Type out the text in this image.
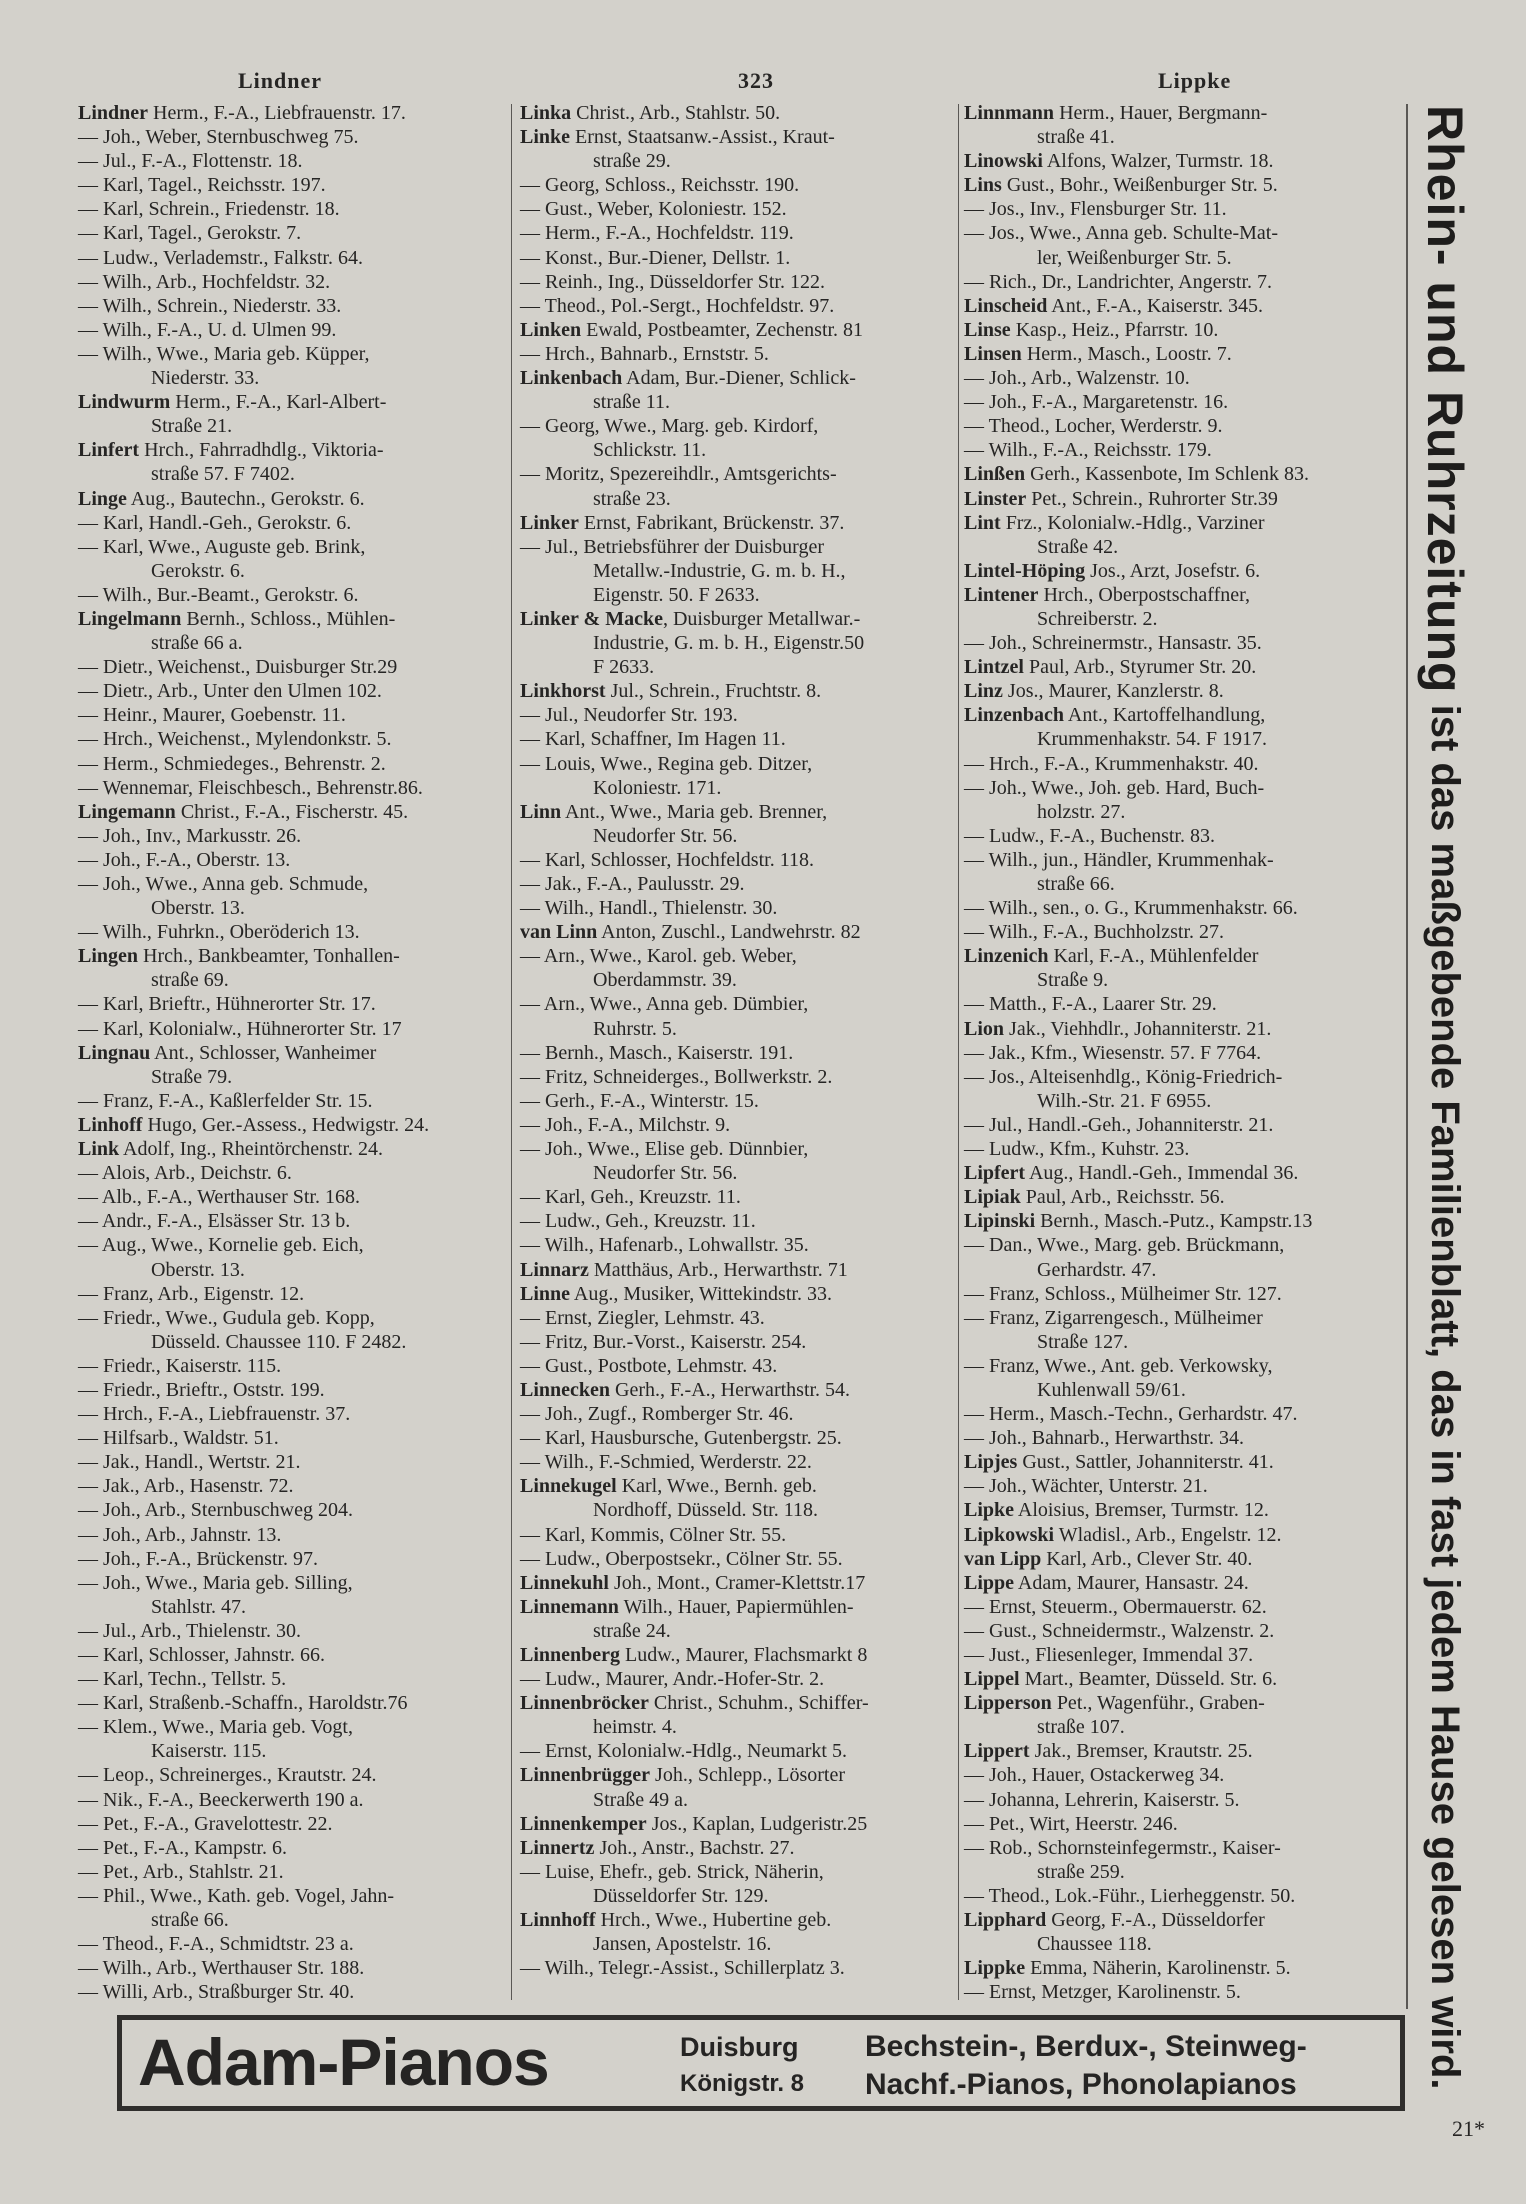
Lindner	323	Lippke
Lindner Herm., F.-A., Liebfrauenstr. 17.
— Joh., Weber, Sternbuschweg 75.
— Jul., F.-A., Flottenstr. 18.
— Karl, Tagel., Reichsstr. 197.
— Karl, Schrein., Friedenstr. 18.
— Karl, Tagel., Gerokstr. 7.
— Ludw., Verlademstr., Falkstr. 64.
— Wilh., Arb., Hochfeldstr. 32.
— Wilh., Schrein., Niederstr. 33.
— Wilh., F.-A., U. d. Ulmen 99.
— Wilh., Wwe., Maria geb. Küpper,
Niederstr. 33.
Lindwurm Herm., F.-A., Karl-Albert-
Straße 21.
Linfert Hrch., Fahrradhdlg., Viktoria-
straße 57. F 7402.
Linge Aug., Bautechn., Gerokstr. 6.
— Karl, Handl.-Geh., Gerokstr. 6.
— Karl, Wwe., Auguste geb. Brink,
Gerokstr. 6.
— Wilh., Bur.-Beamt., Gerokstr. 6.
Lingelmann Bernh., Schloss., Mühlen-
straße 66 a.
— Dietr., Weichenst., Duisburger Str.29
— Dietr., Arb., Unter den Ulmen 102.
— Heinr., Maurer, Goebenstr. 11.
— Hrch., Weichenst., Mylendonkstr. 5.
— Herm., Schmiedeges., Behrenstr. 2.
— Wennemar, Fleischbesch., Behrenstr.86.
Lingemann Christ., F.-A., Fischerstr. 45.
— Joh., Inv., Markusstr. 26.
— Joh., F.-A., Oberstr. 13.
— Joh., Wwe., Anna geb. Schmude,
Oberstr. 13.
— Wilh., Fuhrkn., Oberöderich 13.
Lingen Hrch., Bankbeamter, Tonhallen-
straße 69.
— Karl, Brieftr., Hühnerorter Str. 17.
— Karl, Kolonialw., Hühnerorter Str. 17
Lingnau Ant., Schlosser, Wanheimer
Straße 79.
— Franz, F.-A., Kaßlerfelder Str. 15.
Linhoff Hugo, Ger.-Assess., Hedwigstr. 24.
Link Adolf, Ing., Rheintörchenstr. 24.
— Alois, Arb., Deichstr. 6.
— Alb., F.-A., Werthauser Str. 168.
— Andr., F.-A., Elsässer Str. 13 b.
— Aug., Wwe., Kornelie geb. Eich,
Oberstr. 13.
— Franz, Arb., Eigenstr. 12.
— Friedr., Wwe., Gudula geb. Kopp,
Düsseld. Chaussee 110. F 2482.
— Friedr., Kaiserstr. 115.
— Friedr., Brieftr., Oststr. 199.
— Hrch., F.-A., Liebfrauenstr. 37.
— Hilfsarb., Waldstr. 51.
— Jak., Handl., Wertstr. 21.
— Jak., Arb., Hasenstr. 72.
— Joh., Arb., Sternbuschweg 204.
— Joh., Arb., Jahnstr. 13.
— Joh., F.-A., Brückenstr. 97.
— Joh., Wwe., Maria geb. Silling,
Stahlstr. 47.
— Jul., Arb., Thielenstr. 30.
— Karl, Schlosser, Jahnstr. 66.
— Karl, Techn., Tellstr. 5.
— Karl, Straßenb.-Schaffn., Haroldstr.76
— Klem., Wwe., Maria geb. Vogt,
Kaiserstr. 115.
— Leop., Schreinerges., Krautstr. 24.
— Nik., F.-A., Beeckerwerth 190 a.
— Pet., F.-A., Gravelottestr. 22.
— Pet., F.-A., Kampstr. 6.
— Pet., Arb., Stahlstr. 21.
— Phil., Wwe., Kath. geb. Vogel, Jahn-
straße 66.
— Theod., F.-A., Schmidtstr. 23 a.
— Wilh., Arb., Werthauser Str. 188.
— Willi, Arb., Straßburger Str. 40.
Linka Christ., Arb., Stahlstr. 50.
Linke Ernst, Staatsanw.-Assist., Kraut-
straße 29.
— Georg, Schloss., Reichsstr. 190.
— Gust., Weber, Koloniestr. 152.
— Herm., F.-A., Hochfeldstr. 119.
— Konst., Bur.-Diener, Dellstr. 1.
— Reinh., Ing., Düsseldorfer Str. 122.
— Theod., Pol.-Sergt., Hochfeldstr. 97.
Linken Ewald, Postbeamter, Zechenstr. 81
— Hrch., Bahnarb., Ernststr. 5.
Linkenbach Adam, Bur.-Diener, Schlick-
straße 11.
— Georg, Wwe., Marg. geb. Kirdorf,
Schlickstr. 11.
— Moritz, Spezereihdlr., Amtsgerichts-
straße 23.
Linker Ernst, Fabrikant, Brückenstr. 37.
— Jul., Betriebsführer der Duisburger
Metallw.-Industrie, G. m. b. H.,
Eigenstr. 50. F 2633.
Linker & Macke, Duisburger Metallwar.-
Industrie, G. m. b. H., Eigenstr.50
F 2633.
Linkhorst Jul., Schrein., Fruchtstr. 8.
— Jul., Neudorfer Str. 193.
— Karl, Schaffner, Im Hagen 11.
— Louis, Wwe., Regina geb. Ditzer,
Koloniestr. 171.
Linn Ant., Wwe., Maria geb. Brenner,
Neudorfer Str. 56.
— Karl, Schlosser, Hochfeldstr. 118.
— Jak., F.-A., Paulusstr. 29.
— Wilh., Handl., Thielenstr. 30.
van Linn Anton, Zuschl., Landwehrstr. 82
— Arn., Wwe., Karol. geb. Weber,
Oberdammstr. 39.
— Arn., Wwe., Anna geb. Dümbier,
Ruhrstr. 5.
— Bernh., Masch., Kaiserstr. 191.
— Fritz, Schneiderges., Bollwerkstr. 2.
— Gerh., F.-A., Winterstr. 15.
— Joh., F.-A., Milchstr. 9.
— Joh., Wwe., Elise geb. Dünnbier,
Neudorfer Str. 56.
— Karl, Geh., Kreuzstr. 11.
— Ludw., Geh., Kreuzstr. 11.
— Wilh., Hafenarb., Lohwallstr. 35.
Linnarz Matthäus, Arb., Herwarthstr. 71
Linne Aug., Musiker, Wittekindstr. 33.
— Ernst, Ziegler, Lehmstr. 43.
— Fritz, Bur.-Vorst., Kaiserstr. 254.
— Gust., Postbote, Lehmstr. 43.
Linnecken Gerh., F.-A., Herwarthstr. 54.
— Joh., Zugf., Romberger Str. 46.
— Karl, Hausbursche, Gutenbergstr. 25.
— Wilh., F.-Schmied, Werderstr. 22.
Linnekugel Karl, Wwe., Bernh. geb.
Nordhoff, Düsseld. Str. 118.
— Karl, Kommis, Cölner Str. 55.
— Ludw., Oberpostsekr., Cölner Str. 55.
Linnekuhl Joh., Mont., Cramer-Klettstr.17
Linnemann Wilh., Hauer, Papiermühlen-
straße 24.
Linnenberg Ludw., Maurer, Flachsmarkt 8
— Ludw., Maurer, Andr.-Hofer-Str. 2.
Linnenbröcker Christ., Schuhm., Schiffer-
heimstr. 4.
— Ernst, Kolonialw.-Hdlg., Neumarkt 5.
Linnenbrügger Joh., Schlepp., Lösorter
Straße 49 a.
Linnenkemper Jos., Kaplan, Ludgeristr.25
Linnertz Joh., Anstr., Bachstr. 27.
— Luise, Ehefr., geb. Strick, Näherin,
Düsseldorfer Str. 129.
Linnhoff Hrch., Wwe., Hubertine geb.
Jansen, Apostelstr. 16.
— Wilh., Telegr.-Assist., Schillerplatz 3.
Linnmann Herm., Hauer, Bergmann-
straße 41.
Linowski Alfons, Walzer, Turmstr. 18.
Lins Gust., Bohr., Weißenburger Str. 5.
— Jos., Inv., Flensburger Str. 11.
— Jos., Wwe., Anna geb. Schulte-Mat-
ler, Weißenburger Str. 5.
— Rich., Dr., Landrichter, Angerstr. 7.
Linscheid Ant., F.-A., Kaiserstr. 345.
Linse Kasp., Heiz., Pfarrstr. 10.
Linsen Herm., Masch., Loostr. 7.
— Joh., Arb., Walzenstr. 10.
— Joh., F.-A., Margaretenstr. 16.
— Theod., Locher, Werderstr. 9.
— Wilh., F.-A., Reichsstr. 179.
Linßen Gerh., Kassenbote, Im Schlenk 83.
Linster Pet., Schrein., Ruhrorter Str.39
Lint Frz., Kolonialw.-Hdlg., Varziner
Straße 42.
Lintel-Höping Jos., Arzt, Josefstr. 6.
Lintener Hrch., Oberpostschaffner,
Schreiberstr. 2.
— Joh., Schreinermstr., Hansastr. 35.
Lintzel Paul, Arb., Styrumer Str. 20.
Linz Jos., Maurer, Kanzlerstr. 8.
Linzenbach Ant., Kartoffelhandlung,
Krummenhakstr. 54. F 1917.
— Hrch., F.-A., Krummenhakstr. 40.
— Joh., Wwe., Joh. geb. Hard, Buch-
holzstr. 27.
— Ludw., F.-A., Buchenstr. 83.
— Wilh., jun., Händler, Krummenhak-
straße 66.
— Wilh., sen., o. G., Krummenhakstr. 66.
— Wilh., F.-A., Buchholzstr. 27.
Linzenich Karl, F.-A., Mühlenfelder
Straße 9.
— Matth., F.-A., Laarer Str. 29.
Lion Jak., Viehhdlr., Johanniterstr. 21.
— Jak., Kfm., Wiesenstr. 57. F 7764.
— Jos., Alteisenhdlg., König-Friedrich-
Wilh.-Str. 21. F 6955.
— Jul., Handl.-Geh., Johanniterstr. 21.
— Ludw., Kfm., Kuhstr. 23.
Lipfert Aug., Handl.-Geh., Immendal 36.
Lipiak Paul, Arb., Reichsstr. 56.
Lipinski Bernh., Masch.-Putz., Kampstr.13
— Dan., Wwe., Marg. geb. Brückmann,
Gerhardstr. 47.
— Franz, Schloss., Mülheimer Str. 127.
— Franz, Zigarrengesch., Mülheimer
Straße 127.
— Franz, Wwe., Ant. geb. Verkowsky,
Kuhlenwall 59/61.
— Herm., Masch.-Techn., Gerhardstr. 47.
— Joh., Bahnarb., Herwarthstr. 34.
Lipjes Gust., Sattler, Johanniterstr. 41.
— Joh., Wächter, Unterstr. 21.
Lipke Aloisius, Bremser, Turmstr. 12.
Lipkowski Wladisl., Arb., Engelstr. 12.
van Lipp Karl, Arb., Clever Str. 40.
Lippe Adam, Maurer, Hansastr. 24.
— Ernst, Steuerm., Obermauerstr. 62.
— Gust., Schneidermstr., Walzenstr. 2.
— Just., Fliesenleger, Immendal 37.
Lippel Mart., Beamter, Düsseld. Str. 6.
Lipperson Pet., Wagenführ., Graben-
straße 107.
Lippert Jak., Bremser, Krautstr. 25.
— Joh., Hauer, Ostackerweg 34.
— Johanna, Lehrerin, Kaiserstr. 5.
— Pet., Wirt, Heerstr. 246.
— Rob., Schornsteinfegermstr., Kaiser-
straße 259.
— Theod., Lok.-Führ., Lierheggenstr. 50.
Lipphard Georg, F.-A., Düsseldorfer
Chaussee 118.
Lippke Emma, Näherin, Karolinenstr. 5.
— Ernst, Metzger, Karolinenstr. 5.
Rhein- und Ruhrzeitung ist das maßgebende Familienblatt, das in fast jedem Hause gelesen wird.
Adam-Pianos	Duisburg
Königstr. 8
Bechstein-, Berdux-, Steinweg-
Nachf.-Pianos, Phonolapianos
21*
